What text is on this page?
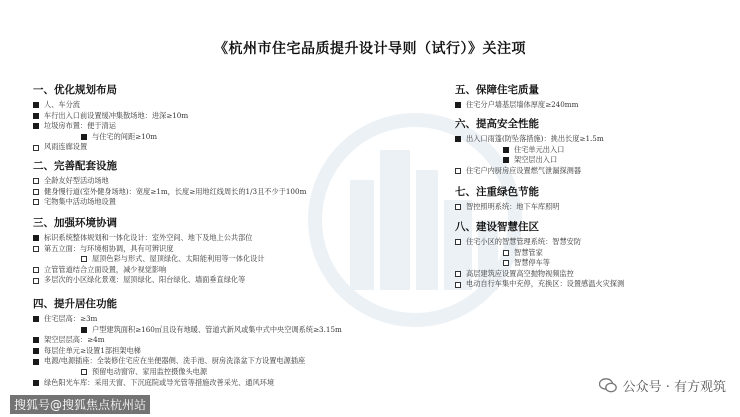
《杭州市住宅品质提升设计导则（试行）》关注项
一、优化规划布局
人、车分流
车行出入口前设置缓冲集散场地：进深≥10m
垃圾房布置：便于清运
与住宅的间距≥10m
风雨连廊设置
二、完善配套设施
全龄友好型活动场地
健身慢行道(室外健身场地)：宽度≥1m，长度≥用地红线周长的1/3且不少于100m
宅物集中活动场地设置
三、加强环境协调
标识系统整体规划和一体化设计：室外空间、地下及地上公共部位
第五立面：与环境相协调，具有可辨识度
屋顶色彩与形式、屋顶绿化、太阳能利用等一体化设计
立管管道结合立面设置，减少视觉影响
多层次的小区绿化景观：屋顶绿化、阳台绿化、墙面垂直绿化等
四、提升居住功能
住宅层高：≥3m
户型建筑面积≥160㎡且设有地暖、管道式新风或集中式中央空调系统≥3.15m
架空层层高：≥4m
每层住单元≥设置1部担架电梯
电源/电源插座：全装修住宅应在坐便器侧、洗手池、厨房洗涤盆下方设置电源插座
预留电动窗帘、家用监控摄像头电源
绿色阳光车库：采用天窗、下沉庭院或导光管等措施改善采光、通风环境
五、保障住宅质量
住宅分户墙基层墙体厚度≥240mm
六、提高安全性能
出入口雨篷(防坠落措施)：挑出长度≥1.5m
住宅单元出入口
架空层出入口
住宅户内厨房应设置燃气泄漏探测器
七、注重绿色节能
智控照明系统：地下车库照明
八、建设智慧住区
住宅小区的智慧管理系统：智慧安防
智慧管家
智慧停车等
高层建筑应设置高空抛物视频监控
电动自行车集中充停，充换区：设置感温火灾探测
公众号 · 有方观筑
搜狐号@搜狐焦点杭州站
